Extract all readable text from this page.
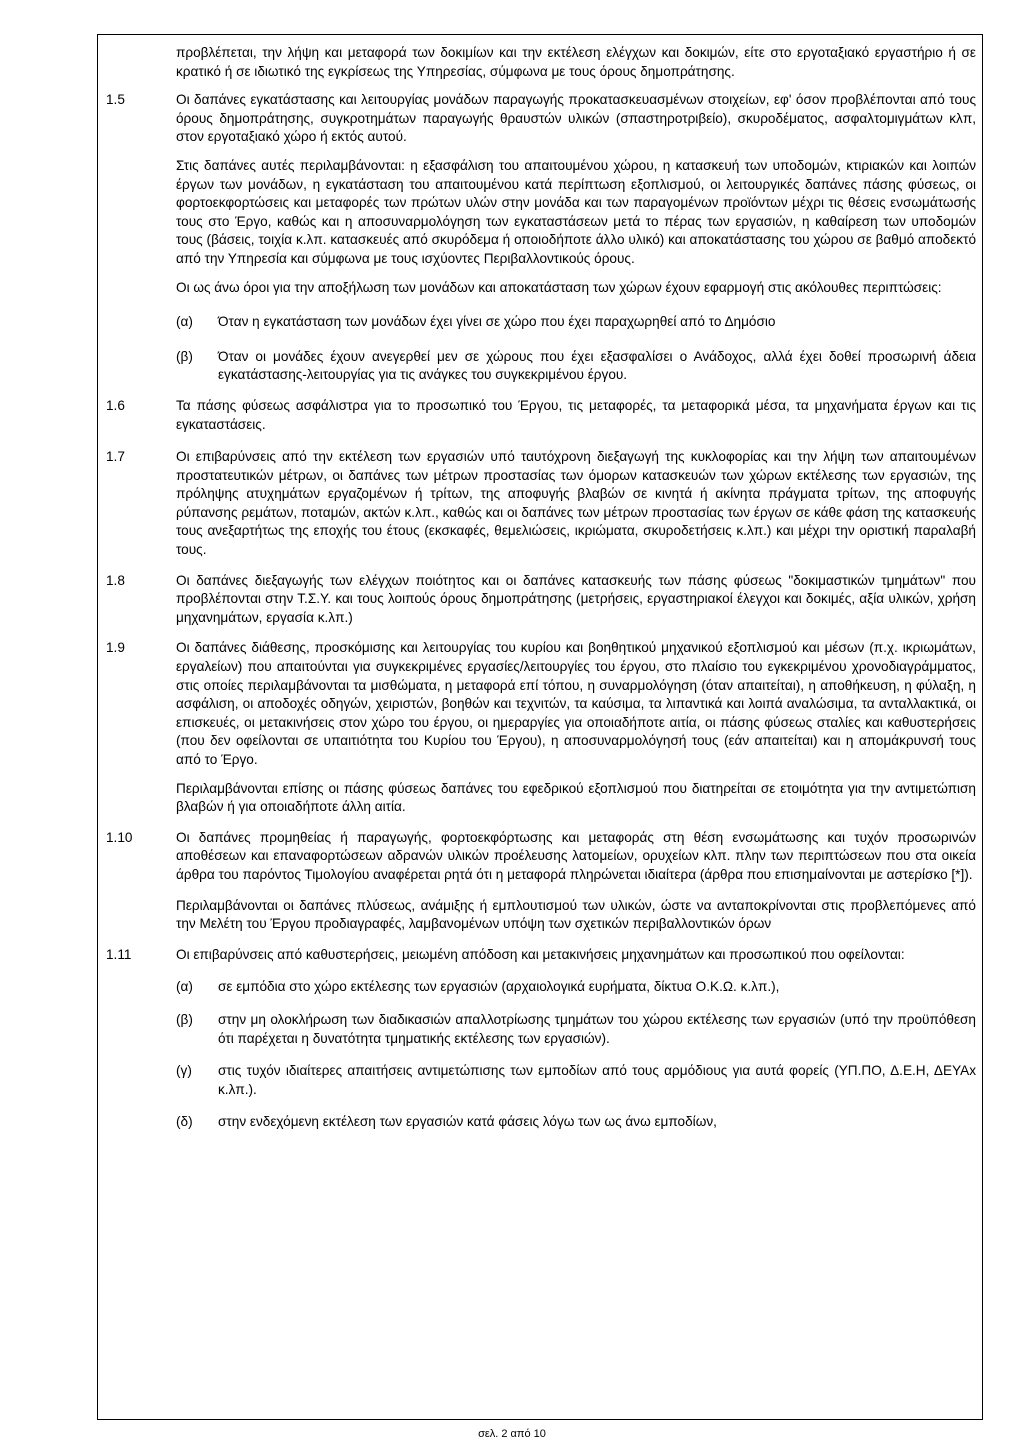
προβλέπεται, την λήψη και μεταφορά των δοκιμίων και την εκτέλεση ελέγχων και δοκιμών, είτε στο εργοταξιακό εργαστήριο ή σε κρατικό ή σε ιδιωτικό της εγκρίσεως της Υπηρεσίας, σύμφωνα με τους όρους δημοπράτησης.

1.5	Οι δαπάνες εγκατάστασης και λειτουργίας μονάδων παραγωγής προκατασκευασμένων στοιχείων, εφ' όσον προβλέπονται από τους όρους δημοπράτησης, συγκροτημάτων παραγωγής θραυστών υλικών (σπαστηροτριβείο), σκυροδέματος, ασφαλτομιγμάτων κλπ, στον εργοταξιακό χώρο ή εκτός αυτού.

Στις δαπάνες αυτές περιλαμβάνονται: η εξασφάλιση του απαιτουμένου χώρου, η κατασκευή των υποδομών, κτιριακών και λοιπών έργων των μονάδων, η εγκατάσταση του απαιτουμένου κατά περίπτωση εξοπλισμού, οι λειτουργικές δαπάνες πάσης φύσεως, οι φορτοεκφορτώσεις και μεταφορές των πρώτων υλών στην μονάδα και των παραγομένων προϊόντων μέχρι τις θέσεις ενσωμάτωσής τους στο Έργο, καθώς και η αποσυναρμολόγηση των εγκαταστάσεων μετά το πέρας των εργασιών, η καθαίρεση των υποδομών τους (βάσεις, τοιχία κ.λπ. κατασκευές από σκυρόδεμα ή οποιοδήποτε άλλο υλικό) και αποκατάστασης του χώρου σε βαθμό αποδεκτό από την Υπηρεσία και σύμφωνα με τους ισχύοντες Περιβαλλοντικούς όρους.

Οι ως άνω όροι για την αποξήλωση των μονάδων και αποκατάσταση των χώρων έχουν εφαρμογή στις ακόλουθες περιπτώσεις:

(α)	Όταν η εγκατάσταση των μονάδων έχει γίνει σε χώρο που έχει παραχωρηθεί από το Δημόσιο

(β)	Όταν οι μονάδες έχουν ανεγερθεί μεν σε χώρους που έχει εξασφαλίσει ο Ανάδοχος, αλλά έχει δοθεί προσωρινή άδεια εγκατάστασης-λειτουργίας για τις ανάγκες του συγκεκριμένου έργου.

1.6	Τα πάσης φύσεως ασφάλιστρα για το προσωπικό του Έργου, τις μεταφορές, τα μεταφορικά μέσα, τα μηχανήματα έργων και τις εγκαταστάσεις.

1.7	Οι επιβαρύνσεις από την εκτέλεση των εργασιών υπό ταυτόχρονη διεξαγωγή της κυκλοφορίας και την λήψη των απαιτουμένων προστατευτικών μέτρων, οι δαπάνες των μέτρων προστασίας των όμορων κατασκευών των χώρων εκτέλεσης των εργασιών, της πρόληψης ατυχημάτων εργαζομένων ή τρίτων, της αποφυγής βλαβών σε κινητά ή ακίνητα πράγματα τρίτων, της αποφυγής ρύπανσης ρεμάτων, ποταμών, ακτών κ.λπ., καθώς και οι δαπάνες των μέτρων προστασίας των έργων σε κάθε φάση της κατασκευής τους ανεξαρτήτως της εποχής του έτους (εκσκαφές, θεμελιώσεις, ικριώματα, σκυροδετήσεις κ.λπ.) και μέχρι την οριστική παραλαβή τους.

1.8	Οι δαπάνες διεξαγωγής των ελέγχων ποιότητος και οι δαπάνες κατασκευής των πάσης φύσεως "δοκιμαστικών τμημάτων" που προβλέπονται στην Τ.Σ.Υ. και τους λοιπούς όρους δημοπράτησης (μετρήσεις, εργαστηριακοί έλεγχοι και δοκιμές, αξία υλικών, χρήση μηχανημάτων, εργασία κ.λπ.)

1.9	Οι δαπάνες διάθεσης, προσκόμισης και λειτουργίας του κυρίου και βοηθητικού μηχανικού εξοπλισμού και μέσων (π.χ. ικριωμάτων, εργαλείων) που απαιτούνται για συγκεκριμένες εργασίες/λειτουργίες του έργου, στο πλαίσιο του εγκεκριμένου χρονοδιαγράμματος, στις οποίες περιλαμβάνονται τα μισθώματα, η μεταφορά επί τόπου, η συναρμολόγηση (όταν απαιτείται), η αποθήκευση, η φύλαξη, η ασφάλιση, οι αποδοχές οδηγών, χειριστών, βοηθών και τεχνιτών, τα καύσιμα, τα λιπαντικά και λοιπά αναλώσιμα, τα ανταλλακτικά, οι επισκευές, οι μετακινήσεις στον χώρο του έργου, οι ημεραργίες για οποιαδήποτε αιτία, οι πάσης φύσεως σταλίες και καθυστερήσεις (που δεν οφείλονται σε υπαιτιότητα του Κυρίου του Έργου), η αποσυναρμολόγησή τους (εάν απαιτείται) και η απομάκρυνσή τους από το Έργο.

Περιλαμβάνονται επίσης οι πάσης φύσεως δαπάνες του εφεδρικού εξοπλισμού που διατηρείται σε ετοιμότητα για την αντιμετώπιση βλαβών ή για οποιαδήποτε άλλη αιτία.

1.10	Οι δαπάνες προμηθείας ή παραγωγής, φορτοεκφόρτωσης και μεταφοράς στη θέση ενσωμάτωσης και τυχόν προσωρινών αποθέσεων και επαναφορτώσεων αδρανών υλικών προέλευσης λατομείων, ορυχείων κλπ. πλην των περιπτώσεων που στα οικεία άρθρα του παρόντος Τιμολογίου αναφέρεται ρητά ότι η μεταφορά πληρώνεται ιδιαίτερα (άρθρα που επισημαίνονται με αστερίσκο [*]).

Περιλαμβάνονται οι δαπάνες πλύσεως, ανάμιξης ή εμπλουτισμού των υλικών, ώστε να ανταποκρίνονται στις προβλεπόμενες από την Μελέτη του Έργου προδιαγραφές, λαμβανομένων υπόψη των σχετικών περιβαλλοντικών όρων

1.11	Οι επιβαρύνσεις από καθυστερήσεις, μειωμένη απόδοση και μετακινήσεις μηχανημάτων και προσωπικού που οφείλονται:

(α)	σε εμπόδια στο χώρο εκτέλεσης των εργασιών (αρχαιολογικά ευρήματα, δίκτυα Ο.Κ.Ω. κ.λπ.),

(β)	στην μη ολοκλήρωση των διαδικασιών απαλλοτρίωσης τμημάτων του χώρου εκτέλεσης των εργασιών (υπό την προϋπόθεση ότι παρέχεται η δυνατότητα τμηματικής εκτέλεσης των εργασιών).

(γ)	στις τυχόν ιδιαίτερες απαιτήσεις αντιμετώπισης των εμποδίων από τους αρμόδιους για αυτά φορείς (ΥΠ.ΠΟ, Δ.Ε.Η, ΔΕΥΑx κ.λπ.).

(δ)	στην ενδεχόμενη εκτέλεση των εργασιών κατά φάσεις λόγω των ως άνω εμποδίων,

σελ. 2 από 10
